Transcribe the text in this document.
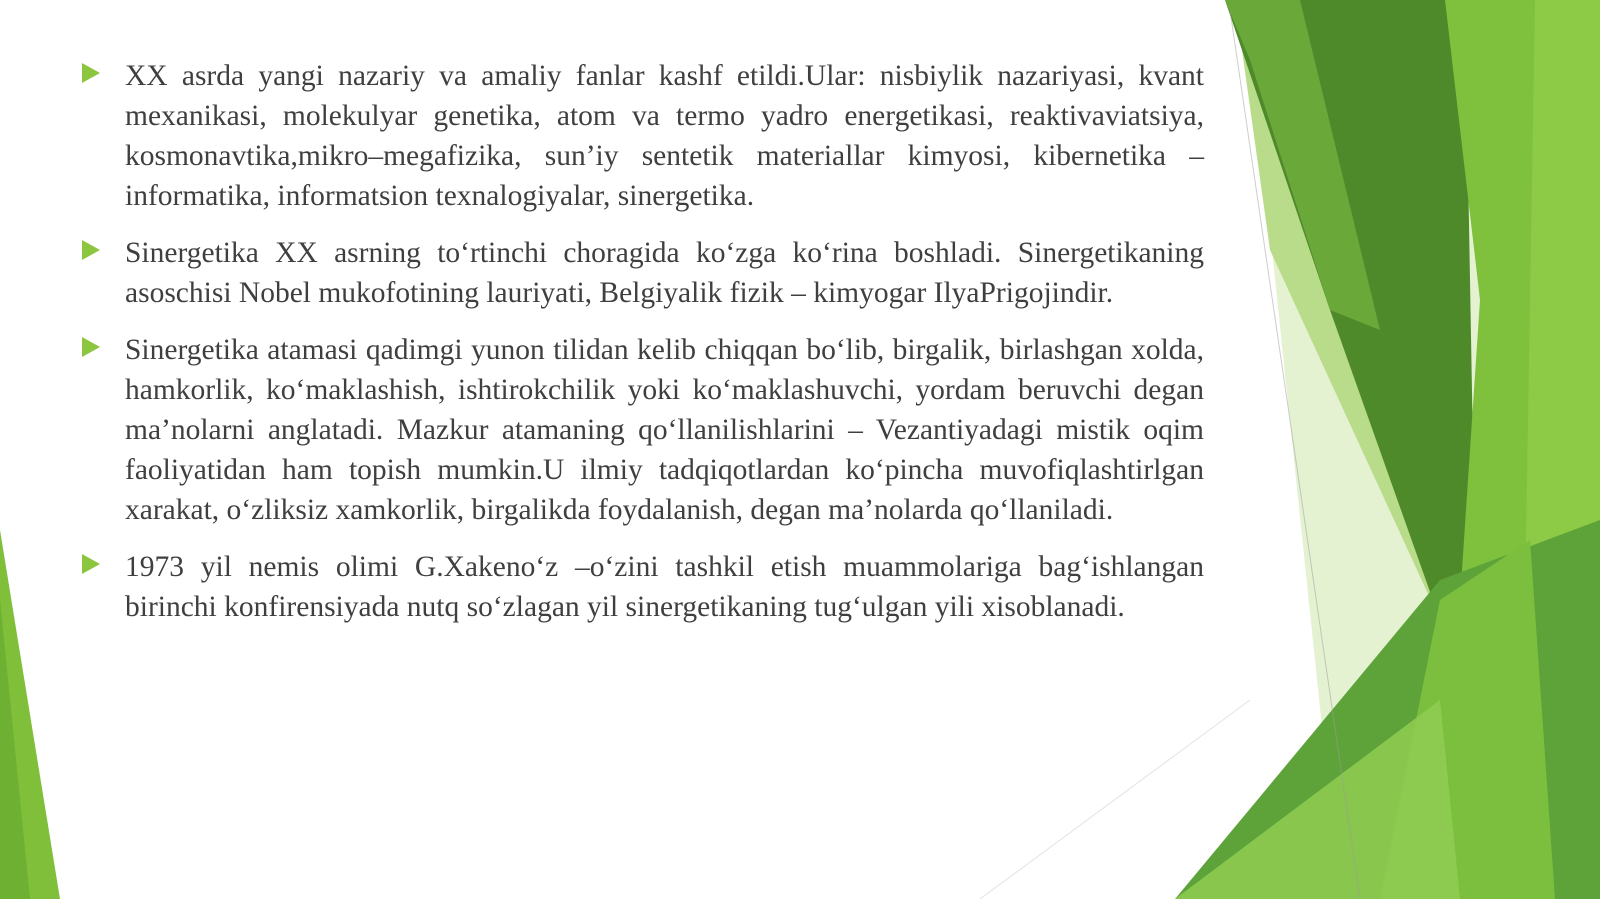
XX asrda yangi nazariy va amaliy fanlar kashf etildi.Ular: nisbiylik nazariyasi, kvant mexanikasi, molekulyar genetika, atom va termo yadro energetikasi, reaktivaviatsiya, kosmonavtika,mikro–megafizika, sun’iy sentetik materiallar kimyosi, kibernetika – informatika, informatsion texnalogiyalar, sinergetika.

Sinergetika XX asrning to‘rtinchi choragida ko‘zga ko‘rina boshladi. Sinergetikaning asoschisi Nobel mukofotining lauriyati, Belgiyalik fizik – kimyogar IlyaPrigojindir.

Sinergetika atamasi qadimgi yunon tilidan kelib chiqqan bo‘lib, birgalik, birlashgan xolda, hamkorlik, ko‘maklashish, ishtirokchilik yoki ko‘maklashuvchi, yordam beruvchi degan ma’nolarni anglatadi. Mazkur atamaning qo‘llanilishlarini – Vezantiyadagi mistik oqim faoliyatidan ham topish mumkin.U ilmiy tadqiqotlardan ko‘pincha muvofiqlashtirlgan xarakat, o‘zliksiz xamkorlik, birgalikda foydalanish, degan ma’nolarda qo‘llaniladi.

1973 yil nemis olimi G.Xakeno‘z –o‘zini tashkil etish muammolariga bag‘ishlangan birinchi konfirensiyada nutq so‘zlagan yil sinergetikaning tug‘ulgan yili xisoblanadi.
